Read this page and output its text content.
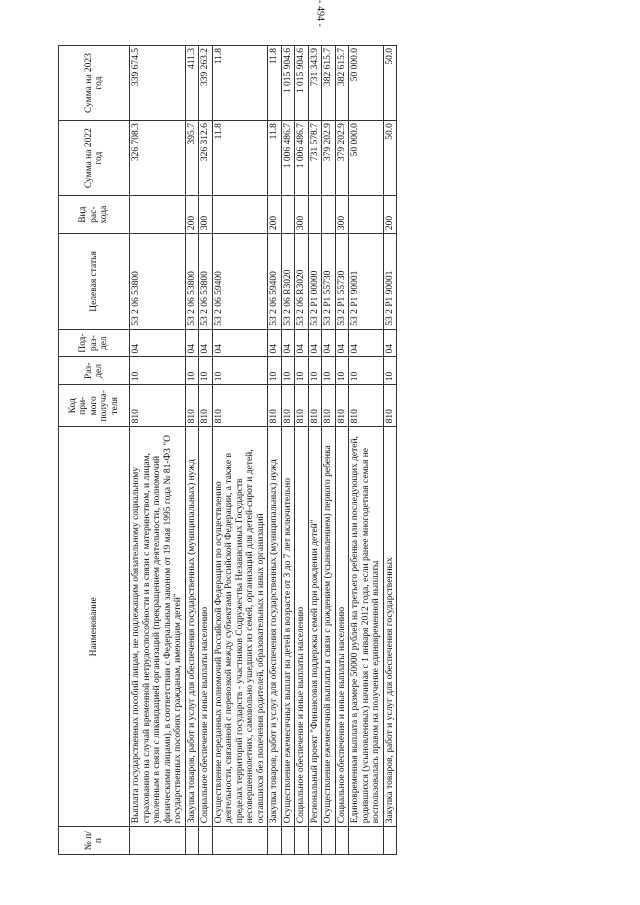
- 494 -
№ п/п	Наименование	Код при-мого получа-теля	Раз-дел	Под-раз-дел	Целевая статья	Вид рас-хода	Сумма на 2022 год	Сумма на 2023 год
	Выплата государственных пособий лицам, не подлежащим обязательному социальному страхованию на случай временной нетрудоспособности и в связи с материнством, и лицам, уволенным в связи с ликвидацией организаций (прекращением деятельности, полномочий физическими лицами), в соответствии с Федеральным законом от 19 мая 1995 года № 81-ФЗ "О государственных пособиях гражданам, имеющим детей"	810	10	04	53 2 06 53800		326 708.3	339 674.5
	Закупка товаров, работ и услуг для обеспечения государственных (муниципальных) нужд	810	10	04	53 2 06 53800	200	395.7	411.3
	Социальное обеспечение и иные выплаты населению	810	10	04	53 2 06 53800	300	326 312.6	339 263.2
	Осуществление переданных полномочий Российской Федерации по осуществлению деятельности, связанной с перевозкой между субъектами Российской Федерации, а также в пределах территорий государств - участников Содружества Независимых Государств несовершеннолетних, самовольно ушедших из семей, организаций для детей-сирот и детей, оставшихся без попечения родителей, образовательных и иных организаций	810	10	04	53 2 06 59400		11.8	11.8
	Закупка товаров, работ и услуг для обеспечения государственных (муниципальных) нужд	810	10	04	53 2 06 59400	200	11.8	11.8
	Осуществление ежемесячных выплат на детей в возрасте от 3 до 7 лет включительно	810	10	04	53 2 06 R3020		1 006 486.7	1 015 904.6
	Социальное обеспечение и иные выплаты населению	810	10	04	53 2 06 R3020	300	1 006 486.7	1 015 904.6
	Региональный проект "Финансовая поддержка семей при рождении детей"	810	10	04	53 2 P1 00000		731 578.7	731 343.9
	Осуществление ежемесячной выплаты в связи с рождением (усыновлением) первого ребенка	810	10	04	53 2 P1 55730		379 202.9	382 615.7
	Социальное обеспечение и иные выплаты населению	810	10	04	53 2 P1 55730	300	379 202.9	382 615.7
	Единовременная выплата в размере 50000 рублей на третьего ребенка или последующих детей, родившихся (усыновленных) начиная с 1 января 2012 года, если ранее многодетная семья не воспользовалась правом на получение единовременной выплаты	810	10	04	53 2 P1 90001		50 000.0	50 000.0
	Закупка товаров, работ и услуг для обеспечения государственных	810	10	04	53 2 P1 90001	200	50.0	50.0
